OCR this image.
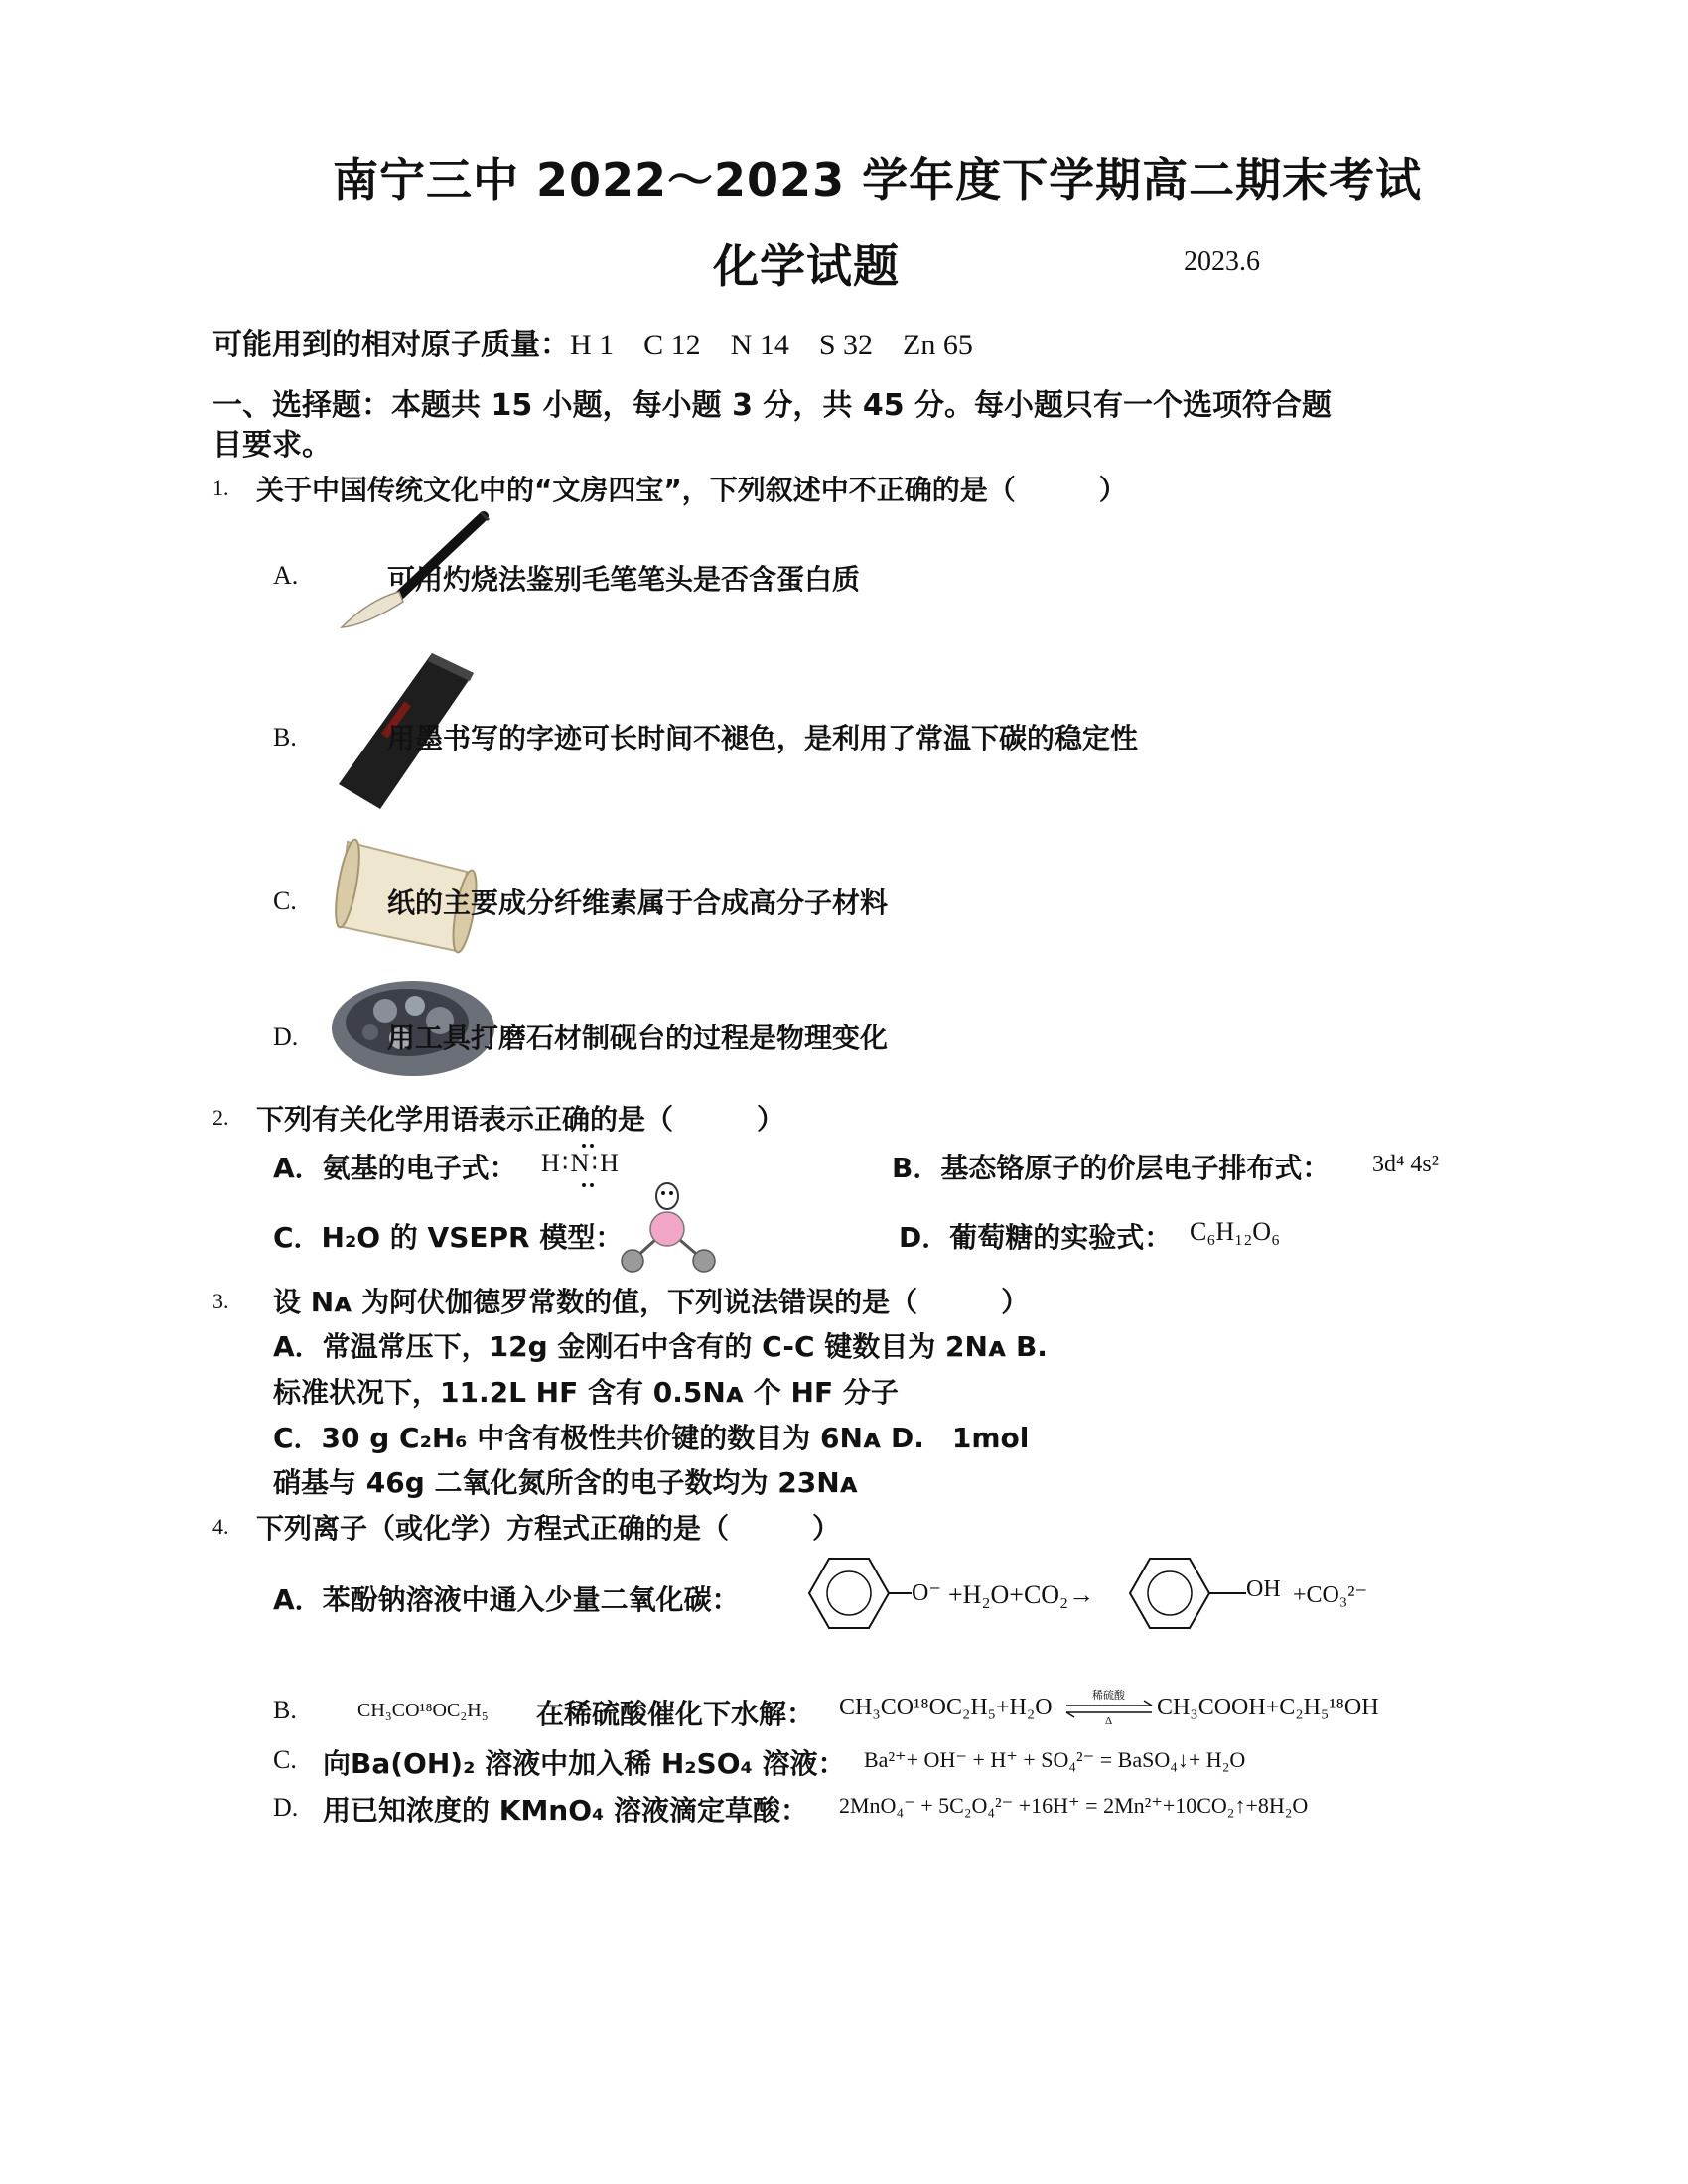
南宁三中 2022～2023 学年度下学期高二期末考试
化学试题	2023.6
可能用到的相对原子质量：H 1　C 12　N 14　S 32　Zn 65
一、选择题：本题共 15 小题，每小题 3 分，共 45 分。每小题只有一个选项符合题
目要求。
1. 关于中国传统文化中的“文房四宝”，下列叙述中不正确的是（　　　）
A.	可用灼烧法鉴别毛笔笔头是否含蛋白质
B.	用墨书写的字迹可长时间不褪色，是利用了常温下碳的稳定性
C.	纸的主要成分纤维素属于合成高分子材料
D.	用工具打磨石材制砚台的过程是物理变化
2. 下列有关化学用语表示正确的是（　　　）
A．氨基的电子式： H∶N∶H	B．基态铬原子的价层电子排布式： 3d⁴ 4s²
C．H₂O 的 VSEPR 模型：	D．葡萄糖的实验式： C₆H₁₂O₆
3. 设 Nᴀ 为阿伏伽德罗常数的值，下列说法错误的是（　　　）
A．常温常压下，12g 金刚石中含有的 C-C 键数目为 2Nᴀ B.
标准状况下，11.2L HF 含有 0.5Nᴀ 个 HF 分子
C．30 g C₂H₆ 中含有极性共价键的数目为 6Nᴀ D.　1mol
硝基与 46g 二氧化氮所含的电子数均为 23Nᴀ
4. 下列离子（或化学）方程式正确的是（　　　）
A．苯酚钠溶液中通入少量二氧化碳：	O⁻ +H₂O+CO₂→	OH +CO₃²⁻
B.	CH₃CO¹⁸OC₂H₅ 在稀硫酸催化下水解： CH₃CO¹⁸OC₂H₅+H₂O	稀硫酸
Δ
CH₃COOH+C₂H₅¹⁸OH
C. 向Ba(OH)₂ 溶液中加入稀 H₂SO₄ 溶液： Ba²⁺+ OH⁻ + H⁺ + SO₄²⁻ = BaSO₄↓+ H₂O
D. 用已知浓度的 KMnO₄ 溶液滴定草酸： 2MnO₄⁻ + 5C₂O₄²⁻ +16H⁺ = 2Mn²⁺+10CO₂↑+8H₂O
